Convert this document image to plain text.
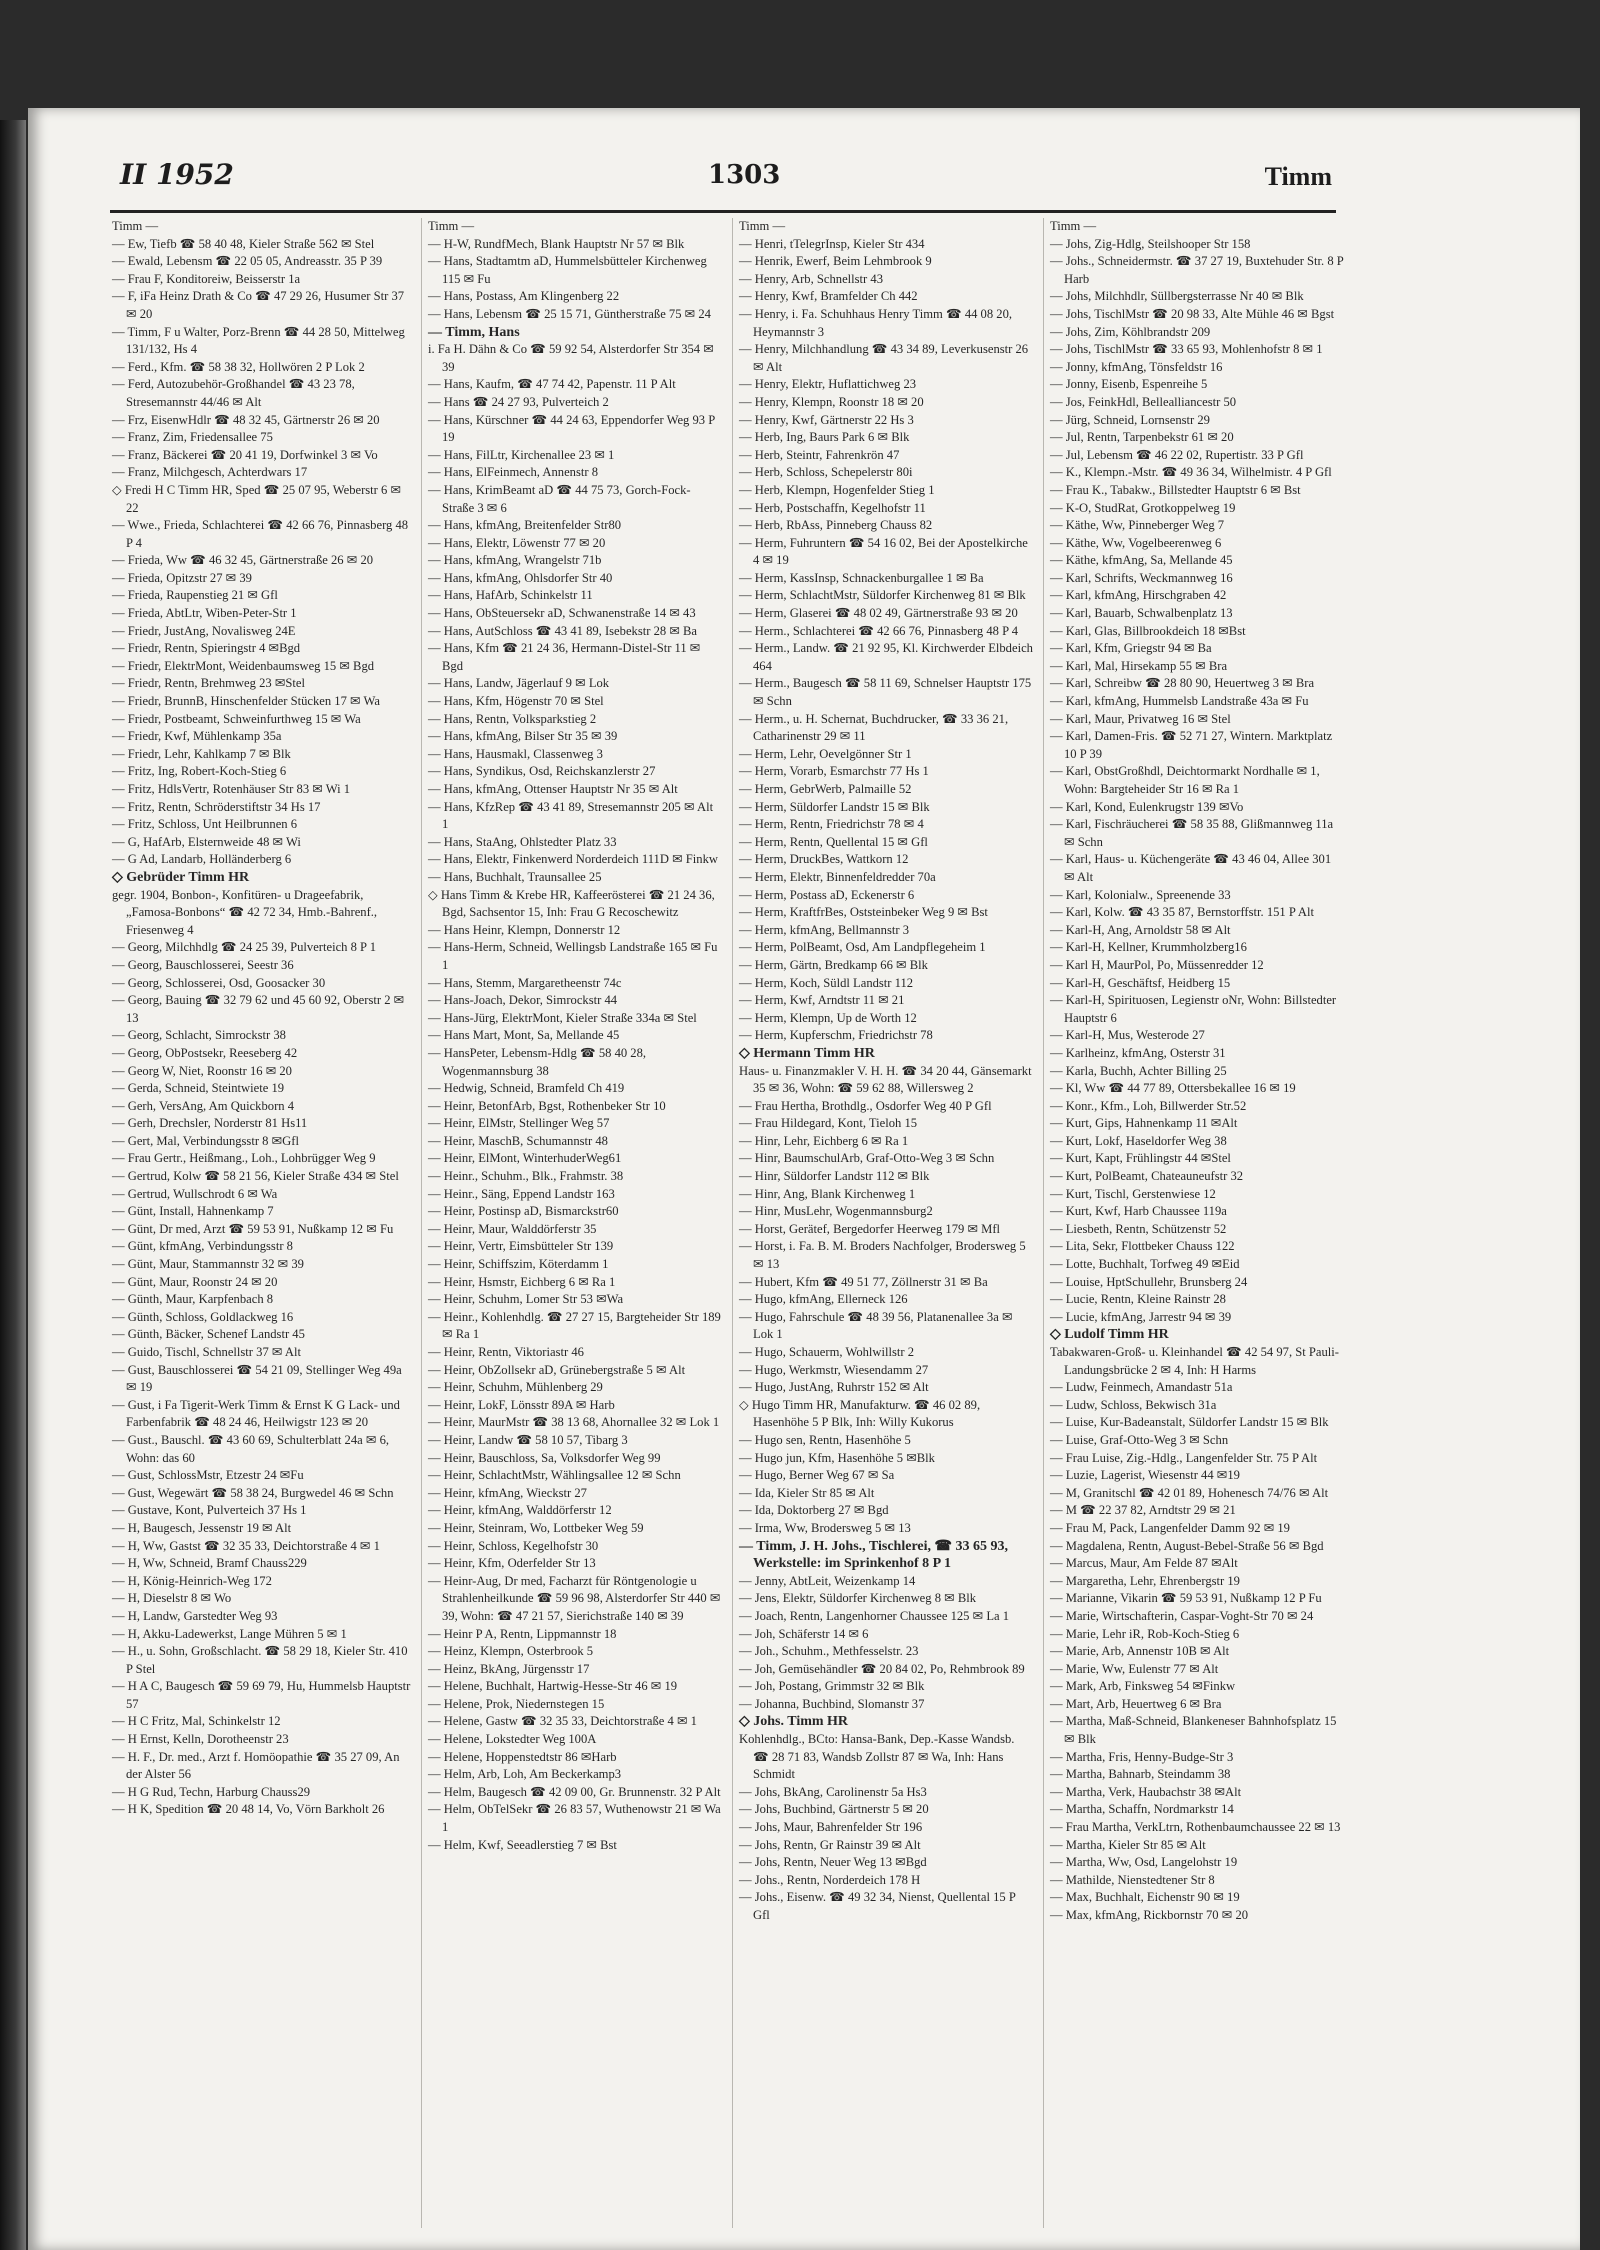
II 1952	1303	Timm
Timm —
— Ew, Tiefb ☎ 58 40 48, Kieler Straße 562 ✉ Stel
— Ewald, Lebensm ☎ 22 05 05, Andreasstr. 35 P 39
— Frau F, Konditoreiw, Beisserstr 1a
— F, iFa Heinz Drath & Co ☎ 47 29 26, Husumer Str 37 ✉ 20
— Timm, F u Walter, Porz-Brenn ☎ 44 28 50, Mittelweg 131/132, Hs 4
— Ferd., Kfm. ☎ 58 38 32, Hollwören 2 P Lok 2
— Ferd, Autozubehör-Großhandel ☎ 43 23 78, Stresemannstr 44/46 ✉ Alt
— Frz, EisenwHdlr ☎ 48 32 45, Gärtnerstr 26 ✉ 20
— Franz, Zim, Friedensallee 75
— Franz, Bäckerei ☎ 20 41 19, Dorfwinkel 3 ✉ Vo
— Franz, Milchgesch, Achterdwars 17
◇ Fredi H C Timm HR, Sped ☎ 25 07 95, Weberstr 6 ✉ 22
— Wwe., Frieda, Schlachterei ☎ 42 66 76, Pinnasberg 48 P 4
— Frieda, Ww ☎ 46 32 45, Gärtnerstraße 26 ✉ 20
— Frieda, Opitzstr 27 ✉ 39
— Frieda, Raupenstieg 21 ✉ Gfl
— Frieda, AbtLtr, Wiben-Peter-Str 1
— Friedr, JustAng, Novalisweg 24E
— Friedr, Rentn, Spieringstr 4 ✉Bgd
— Friedr, ElektrMont, Weidenbaumsweg 15 ✉ Bgd
— Friedr, Rentn, Brehmweg 23 ✉Stel
— Friedr, BrunnB, Hinschenfelder Stücken 17 ✉ Wa
— Friedr, Postbeamt, Schweinfurthweg 15 ✉ Wa
— Friedr, Kwf, Mühlenkamp 35a
— Friedr, Lehr, Kahlkamp 7 ✉ Blk
— Fritz, Ing, Robert-Koch-Stieg 6
— Fritz, HdlsVertr, Rotenhäuser Str 83 ✉ Wi 1
— Fritz, Rentn, Schröderstiftstr 34 Hs 17
— Fritz, Schloss, Unt Heilbrunnen 6
— G, HafArb, Elsternweide 48 ✉ Wi
— G Ad, Landarb, Holländerberg 6
◇ Gebrüder Timm HR
gegr. 1904, Bonbon-, Konfitüren- u Drageefabrik, „Famosa-Bonbons“ ☎ 42 72 34, Hmb.-Bahrenf., Friesenweg 4
— Georg, Milchhdlg ☎ 24 25 39, Pulverteich 8 P 1
— Georg, Bauschlosserei, Seestr 36
— Georg, Schlosserei, Osd, Goosacker 30
— Georg, Bauing ☎ 32 79 62 und 45 60 92, Oberstr 2 ✉ 13
— Georg, Schlacht, Simrockstr 38
— Georg, ObPostsekr, Reeseberg 42
— Georg W, Niet, Roonstr 16 ✉ 20
— Gerda, Schneid, Steintwiete 19
— Gerh, VersAng, Am Quickborn 4
— Gerh, Drechsler, Norderstr 81 Hs11
— Gert, Mal, Verbindungsstr 8 ✉Gfl
— Frau Gertr., Heißmang., Loh., Lohbrügger Weg 9
— Gertrud, Kolw ☎ 58 21 56, Kieler Straße 434 ✉ Stel
— Gertrud, Wullschrodt 6 ✉ Wa
— Günt, Install, Hahnenkamp 7
— Günt, Dr med, Arzt ☎ 59 53 91, Nußkamp 12 ✉ Fu
— Günt, kfmAng, Verbindungsstr 8
— Günt, Maur, Stammannstr 32 ✉ 39
— Günt, Maur, Roonstr 24 ✉ 20
— Günth, Maur, Karpfenbach 8
— Günth, Schloss, Goldlackweg 16
— Günth, Bäcker, Schenef Landstr 45
— Guido, Tischl, Schnellstr 37 ✉ Alt
— Gust, Bauschlosserei ☎ 54 21 09, Stellinger Weg 49a ✉ 19
— Gust, i Fa Tigerit-Werk Timm & Ernst K G Lack- und Farbenfabrik ☎ 48 24 46, Heilwigstr 123 ✉ 20
— Gust., Bauschl. ☎ 43 60 69, Schulterblatt 24a ✉ 6, Wohn: das 60
— Gust, SchlossMstr, Etzestr 24 ✉Fu
— Gust, Wegewärt ☎ 58 38 24, Burgwedel 46 ✉ Schn
— Gustave, Kont, Pulverteich 37 Hs 1
— H, Baugesch, Jessenstr 19 ✉ Alt
— H, Ww, Gastst ☎ 32 35 33, Deichtorstraße 4 ✉ 1
— H, Ww, Schneid, Bramf Chauss229
— H, König-Heinrich-Weg 172
— H, Dieselstr 8 ✉ Wo
— H, Landw, Garstedter Weg 93
— H, Akku-Ladewerkst, Lange Mühren 5 ✉ 1
— H., u. Sohn, Großschlacht. ☎ 58 29 18, Kieler Str. 410 P Stel
— H A C, Baugesch ☎ 59 69 79, Hu, Hummelsb Hauptstr 57
— H C Fritz, Mal, Schinkelstr 12
— H Ernst, Kelln, Dorotheenstr 23
— H. F., Dr. med., Arzt f. Homöopathie ☎ 35 27 09, An der Alster 56
— H G Rud, Techn, Harburg Chauss29
— H K, Spedition ☎ 20 48 14, Vo, Vörn Barkholt 26
Timm —
— H-W, RundfMech, Blank Hauptstr Nr 57 ✉ Blk
— Hans, Stadtamtm aD, Hummelsbütteler Kirchenweg 115 ✉ Fu
— Hans, Postass, Am Klingenberg 22
— Hans, Lebensm ☎ 25 15 71, Güntherstraße 75 ✉ 24
— Timm, Hans
i. Fa H. Dähn & Co ☎ 59 92 54, Alsterdorfer Str 354 ✉ 39
— Hans, Kaufm, ☎ 47 74 42, Papenstr. 11 P Alt
— Hans ☎ 24 27 93, Pulverteich 2
— Hans, Kürschner ☎ 44 24 63, Eppendorfer Weg 93 P 19
— Hans, FilLtr, Kirchenallee 23 ✉ 1
— Hans, ElFeinmech, Annenstr 8
— Hans, KrimBeamt aD ☎ 44 75 73, Gorch-Fock-Straße 3 ✉ 6
— Hans, kfmAng, Breitenfelder Str80
— Hans, Elektr, Löwenstr 77 ✉ 20
— Hans, kfmAng, Wrangelstr 71b
— Hans, kfmAng, Ohlsdorfer Str 40
— Hans, HafArb, Schinkelstr 11
— Hans, ObSteuersekr aD, Schwanenstraße 14 ✉ 43
— Hans, AutSchloss ☎ 43 41 89, Isebekstr 28 ✉ Ba
— Hans, Kfm ☎ 21 24 36, Hermann-Distel-Str 11 ✉ Bgd
— Hans, Landw, Jägerlauf 9 ✉ Lok
— Hans, Kfm, Högenstr 70 ✉ Stel
— Hans, Rentn, Volksparkstieg 2
— Hans, kfmAng, Bilser Str 35 ✉ 39
— Hans, Hausmakl, Classenweg 3
— Hans, Syndikus, Osd, Reichskanzlerstr 27
— Hans, kfmAng, Ottenser Hauptstr Nr 35 ✉ Alt
— Hans, KfzRep ☎ 43 41 89, Stresemannstr 205 ✉ Alt 1
— Hans, StaAng, Ohlstedter Platz 33
— Hans, Elektr, Finkenwerd Norderdeich 111D ✉ Finkw
— Hans, Buchhalt, Traunsallee 25
◇ Hans Timm & Krebe HR, Kaffeerösterei ☎ 21 24 36, Bgd, Sachsentor 15, Inh: Frau G Recoschewitz
— Hans Heinr, Klempn, Donnerstr 12
— Hans-Herm, Schneid, Wellingsb Landstraße 165 ✉ Fu 1
— Hans, Stemm, Margaretheenstr 74c
— Hans-Joach, Dekor, Simrockstr 44
— Hans-Jürg, ElektrMont, Kieler Straße 334a ✉ Stel
— Hans Mart, Mont, Sa, Mellande 45
— HansPeter, Lebensm-Hdlg ☎ 58 40 28, Wogenmannsburg 38
— Hedwig, Schneid, Bramfeld Ch 419
— Heinr, BetonfArb, Bgst, Rothenbeker Str 10
— Heinr, ElMstr, Stellinger Weg 57
— Heinr, MaschB, Schumannstr 48
— Heinr, ElMont, WinterhuderWeg61
— Heinr., Schuhm., Blk., Frahmstr. 38
— Heinr., Säng, Eppend Landstr 163
— Heinr, Postinsp aD, Bismarckstr60
— Heinr, Maur, Walddörferstr 35
— Heinr, Vertr, Eimsbütteler Str 139
— Heinr, Schiffszim, Köterdamm 1
— Heinr, Hsmstr, Eichberg 6 ✉ Ra 1
— Heinr, Schuhm, Lomer Str 53 ✉Wa
— Heinr., Kohlenhdlg. ☎ 27 27 15, Bargteheider Str 189 ✉ Ra 1
— Heinr, Rentn, Viktoriastr 46
— Heinr, ObZollsekr aD, Grünebergstraße 5 ✉ Alt
— Heinr, Schuhm, Mühlenberg 29
— Heinr, LokF, Lönsstr 89A ✉ Harb
— Heinr, MaurMstr ☎ 38 13 68, Ahornallee 32 ✉ Lok 1
— Heinr, Landw ☎ 58 10 57, Tibarg 3
— Heinr, Bauschloss, Sa, Volksdorfer Weg 99
— Heinr, SchlachtMstr, Wählingsallee 12 ✉ Schn
— Heinr, kfmAng, Wieckstr 27
— Heinr, kfmAng, Walddörferstr 12
— Heinr, Steinram, Wo, Lottbeker Weg 59
— Heinr, Schloss, Kegelhofstr 30
— Heinr, Kfm, Oderfelder Str 13
— Heinr-Aug, Dr med, Facharzt für Röntgenologie u Strahlenheilkunde ☎ 59 96 98, Alsterdorfer Str 440 ✉ 39, Wohn: ☎ 47 21 57, Sierichstraße 140 ✉ 39
— Heinr P A, Rentn, Lippmannstr 18
— Heinz, Klempn, Osterbrook 5
— Heinz, BkAng, Jürgensstr 17
— Helene, Buchhalt, Hartwig-Hesse-Str 46 ✉ 19
— Helene, Prok, Niedernstegen 15
— Helene, Gastw ☎ 32 35 33, Deichtorstraße 4 ✉ 1
— Helene, Lokstedter Weg 100A
— Helene, Hoppenstedtstr 86 ✉Harb
— Helm, Arb, Loh, Am Beckerkamp3
— Helm, Baugesch ☎ 42 09 00, Gr. Brunnenstr. 32 P Alt
— Helm, ObTelSekr ☎ 26 83 57, Wuthenowstr 21 ✉ Wa 1
— Helm, Kwf, Seeadlerstieg 7 ✉ Bst
Timm —
— Henri, tTelegrInsp, Kieler Str 434
— Henrik, Ewerf, Beim Lehmbrook 9
— Henry, Arb, Schnellstr 43
— Henry, Kwf, Bramfelder Ch 442
— Henry, i. Fa. Schuhhaus Henry Timm ☎ 44 08 20, Heymannstr 3
— Henry, Milchhandlung ☎ 43 34 89, Leverkusenstr 26 ✉ Alt
— Henry, Elektr, Huflattichweg 23
— Henry, Klempn, Roonstr 18 ✉ 20
— Henry, Kwf, Gärtnerstr 22 Hs 3
— Herb, Ing, Baurs Park 6 ✉ Blk
— Herb, Steintr, Fahrenkrön 47
— Herb, Schloss, Schepelerstr 80i
— Herb, Klempn, Hogenfelder Stieg 1
— Herb, Postschaffn, Kegelhofstr 11
— Herb, RbAss, Pinneberg Chauss 82
— Herm, Fuhruntern ☎ 54 16 02, Bei der Apostelkirche 4 ✉ 19
— Herm, KassInsp, Schnackenburgallee 1 ✉ Ba
— Herm, SchlachtMstr, Süldorfer Kirchenweg 81 ✉ Blk
— Herm, Glaserei ☎ 48 02 49, Gärtnerstraße 93 ✉ 20
— Herm., Schlachterei ☎ 42 66 76, Pinnasberg 48 P 4
— Herm., Landw. ☎ 21 92 95, Kl. Kirchwerder Elbdeich 464
— Herm., Baugesch ☎ 58 11 69, Schnelser Hauptstr 175 ✉ Schn
— Herm., u. H. Schernat, Buchdrucker, ☎ 33 36 21, Catharinenstr 29 ✉ 11
— Herm, Lehr, Oevelgönner Str 1
— Herm, Vorarb, Esmarchstr 77 Hs 1
— Herm, GebrWerb, Palmaille 52
— Herm, Süldorfer Landstr 15 ✉ Blk
— Herm, Rentn, Friedrichstr 78 ✉ 4
— Herm, Rentn, Quellental 15 ✉ Gfl
— Herm, DruckBes, Wattkorn 12
— Herm, Elektr, Binnenfeldredder 70a
— Herm, Postass aD, Eckenerstr 6
— Herm, KraftfrBes, Oststeinbeker Weg 9 ✉ Bst
— Herm, kfmAng, Bellmannstr 3
— Herm, PolBeamt, Osd, Am Landpflegeheim 1
— Herm, Gärtn, Bredkamp 66 ✉ Blk
— Herm, Koch, Süldl Landstr 112
— Herm, Kwf, Arndtstr 11 ✉ 21
— Herm, Klempn, Up de Worth 12
— Herm, Kupferschm, Friedrichstr 78
◇ Hermann Timm HR
Haus- u. Finanzmakler V. H. H. ☎ 34 20 44, Gänsemarkt 35 ✉ 36, Wohn: ☎ 59 62 88, Willersweg 2
— Frau Hertha, Brothdlg., Osdorfer Weg 40 P Gfl
— Frau Hildegard, Kont, Tieloh 15
— Hinr, Lehr, Eichberg 6 ✉ Ra 1
— Hinr, BaumschulArb, Graf-Otto-Weg 3 ✉ Schn
— Hinr, Süldorfer Landstr 112 ✉ Blk
— Hinr, Ang, Blank Kirchenweg 1
— Hinr, MusLehr, Wogenmannsburg2
— Horst, Gerätef, Bergedorfer Heerweg 179 ✉ Mfl
— Horst, i. Fa. B. M. Broders Nachfolger, Brodersweg 5 ✉ 13
— Hubert, Kfm ☎ 49 51 77, Zöllnerstr 31 ✉ Ba
— Hugo, kfmAng, Ellerneck 126
— Hugo, Fahrschule ☎ 48 39 56, Platanenallee 3a ✉ Lok 1
— Hugo, Schauerm, Wohlwillstr 2
— Hugo, Werkmstr, Wiesendamm 27
— Hugo, JustAng, Ruhrstr 152 ✉ Alt
◇ Hugo Timm HR, Manufakturw. ☎ 46 02 89, Hasenhöhe 5 P Blk, Inh: Willy Kukorus
— Hugo sen, Rentn, Hasenhöhe 5
— Hugo jun, Kfm, Hasenhöhe 5 ✉Blk
— Hugo, Berner Weg 67 ✉ Sa
— Ida, Kieler Str 85 ✉ Alt
— Ida, Doktorberg 27 ✉ Bgd
— Irma, Ww, Brodersweg 5 ✉ 13
— Timm, J. H. Johs., Tischlerei, ☎ 33 65 93, Werkstelle: im Sprinkenhof 8 P 1
— Jenny, AbtLeit, Weizenkamp 14
— Jens, Elektr, Süldorfer Kirchenweg 8 ✉ Blk
— Joach, Rentn, Langenhorner Chaussee 125 ✉ La 1
— Joh, Schäferstr 14 ✉ 6
— Joh., Schuhm., Methfesselstr. 23
— Joh, Gemüsehändler ☎ 20 84 02, Po, Rehmbrook 89
— Joh, Postang, Grimmstr 32 ✉ Blk
— Johanna, Buchbind, Slomanstr 37
◇ Johs. Timm HR
Kohlenhdlg., BCto: Hansa-Bank, Dep.-Kasse Wandsb. ☎ 28 71 83, Wandsb Zollstr 87 ✉ Wa, Inh: Hans Schmidt
— Johs, BkAng, Carolinenstr 5a Hs3
— Johs, Buchbind, Gärtnerstr 5 ✉ 20
— Johs, Maur, Bahrenfelder Str 196
— Johs, Rentn, Gr Rainstr 39 ✉ Alt
— Johs, Rentn, Neuer Weg 13 ✉Bgd
— Johs., Rentn, Norderdeich 178 H
— Johs., Eisenw. ☎ 49 32 34, Nienst, Quellental 15 P Gfl
Timm —
— Johs, Zig-Hdlg, Steilshooper Str 158
— Johs., Schneidermstr. ☎ 37 27 19, Buxtehuder Str. 8 P Harb
— Johs, Milchhdlr, Süllbergsterrasse Nr 40 ✉ Blk
— Johs, TischlMstr ☎ 20 98 33, Alte Mühle 46 ✉ Bgst
— Johs, Zim, Köhlbrandstr 209
— Johs, TischlMstr ☎ 33 65 93, Mohlenhofstr 8 ✉ 1
— Jonny, kfmAng, Tönsfeldstr 16
— Jonny, Eisenb, Espenreihe 5
— Jos, FeinkHdl, Bellealliancestr 50
— Jürg, Schneid, Lornsenstr 29
— Jul, Rentn, Tarpenbekstr 61 ✉ 20
— Jul, Lebensm ☎ 46 22 02, Rupertistr. 33 P Gfl
— K., Klempn.-Mstr. ☎ 49 36 34, Wilhelmistr. 4 P Gfl
— Frau K., Tabakw., Billstedter Hauptstr 6 ✉ Bst
— K-O, StudRat, Grotkoppelweg 19
— Käthe, Ww, Pinneberger Weg 7
— Käthe, Ww, Vogelbeerenweg 6
— Käthe, kfmAng, Sa, Mellande 45
— Karl, Schrifts, Weckmannweg 16
— Karl, kfmAng, Hirschgraben 42
— Karl, Bauarb, Schwalbenplatz 13
— Karl, Glas, Billbrookdeich 18 ✉Bst
— Karl, Kfm, Griegstr 94 ✉ Ba
— Karl, Mal, Hirsekamp 55 ✉ Bra
— Karl, Schreibw ☎ 28 80 90, Heuertweg 3 ✉ Bra
— Karl, kfmAng, Hummelsb Landstraße 43a ✉ Fu
— Karl, Maur, Privatweg 16 ✉ Stel
— Karl, Damen-Fris. ☎ 52 71 27, Wintern. Marktplatz 10 P 39
— Karl, ObstGroßhdl, Deichtormarkt Nordhalle ✉ 1, Wohn: Bargteheider Str 16 ✉ Ra 1
— Karl, Kond, Eulenkrugstr 139 ✉Vo
— Karl, Fischräucherei ☎ 58 35 88, Glißmannweg 11a ✉ Schn
— Karl, Haus- u. Küchengeräte ☎ 43 46 04, Allee 301 ✉ Alt
— Karl, Kolonialw., Spreenende 33
— Karl, Kolw. ☎ 43 35 87, Bernstorffstr. 151 P Alt
— Karl-H, Ang, Arnoldstr 58 ✉ Alt
— Karl-H, Kellner, Krummholzberg16
— Karl H, MaurPol, Po, Müssenredder 12
— Karl-H, Geschäftsf, Heidberg 15
— Karl-H, Spirituosen, Legienstr oNr, Wohn: Billstedter Hauptstr 6
— Karl-H, Mus, Westerode 27
— Karlheinz, kfmAng, Osterstr 31
— Karla, Buchh, Achter Billing 25
— Kl, Ww ☎ 44 77 89, Ottersbekallee 16 ✉ 19
— Konr., Kfm., Loh, Billwerder Str.52
— Kurt, Gips, Hahnenkamp 11 ✉Alt
— Kurt, Lokf, Haseldorfer Weg 38
— Kurt, Kapt, Frühlingstr 44 ✉Stel
— Kurt, PolBeamt, Chateauneufstr 32
— Kurt, Tischl, Gerstenwiese 12
— Kurt, Kwf, Harb Chaussee 119a
— Liesbeth, Rentn, Schützenstr 52
— Lita, Sekr, Flottbeker Chauss 122
— Lotte, Buchhalt, Torfweg 49 ✉Eid
— Louise, HptSchullehr, Brunsberg 24
— Lucie, Rentn, Kleine Rainstr 28
— Lucie, kfmAng, Jarrestr 94 ✉ 39
◇ Ludolf Timm HR
Tabakwaren-Groß- u. Kleinhandel ☎ 42 54 97, St Pauli-Landungsbrücke 2 ✉ 4, Inh: H Harms
— Ludw, Feinmech, Amandastr 51a
— Ludw, Schloss, Bekwisch 31a
— Luise, Kur-Badeanstalt, Süldorfer Landstr 15 ✉ Blk
— Luise, Graf-Otto-Weg 3 ✉ Schn
— Frau Luise, Zig.-Hdlg., Langenfelder Str. 75 P Alt
— Luzie, Lagerist, Wiesenstr 44 ✉19
— M, Granitschl ☎ 42 01 89, Hohenesch 74/76 ✉ Alt
— M ☎ 22 37 82, Arndtstr 29 ✉ 21
— Frau M, Pack, Langenfelder Damm 92 ✉ 19
— Magdalena, Rentn, August-Bebel-Straße 56 ✉ Bgd
— Marcus, Maur, Am Felde 87 ✉Alt
— Margaretha, Lehr, Ehrenbergstr 19
— Marianne, Vikarin ☎ 59 53 91, Nußkamp 12 P Fu
— Marie, Wirtschafterin, Caspar-Voght-Str 70 ✉ 24
— Marie, Lehr iR, Rob-Koch-Stieg 6
— Marie, Arb, Annenstr 10B ✉ Alt
— Marie, Ww, Eulenstr 77 ✉ Alt
— Mark, Arb, Finksweg 54 ✉Finkw
— Mart, Arb, Heuertweg 6 ✉ Bra
— Martha, Maß-Schneid, Blankeneser Bahnhofsplatz 15 ✉ Blk
— Martha, Fris, Henny-Budge-Str 3
— Martha, Bahnarb, Steindamm 38
— Martha, Verk, Haubachstr 38 ✉Alt
— Martha, Schaffn, Nordmarkstr 14
— Frau Martha, VerkLtrn, Rothenbaumchaussee 22 ✉ 13
— Martha, Kieler Str 85 ✉ Alt
— Martha, Ww, Osd, Langelohstr 19
— Mathilde, Nienstedtener Str 8
— Max, Buchhalt, Eichenstr 90 ✉ 19
— Max, kfmAng, Rickbornstr 70 ✉ 20
